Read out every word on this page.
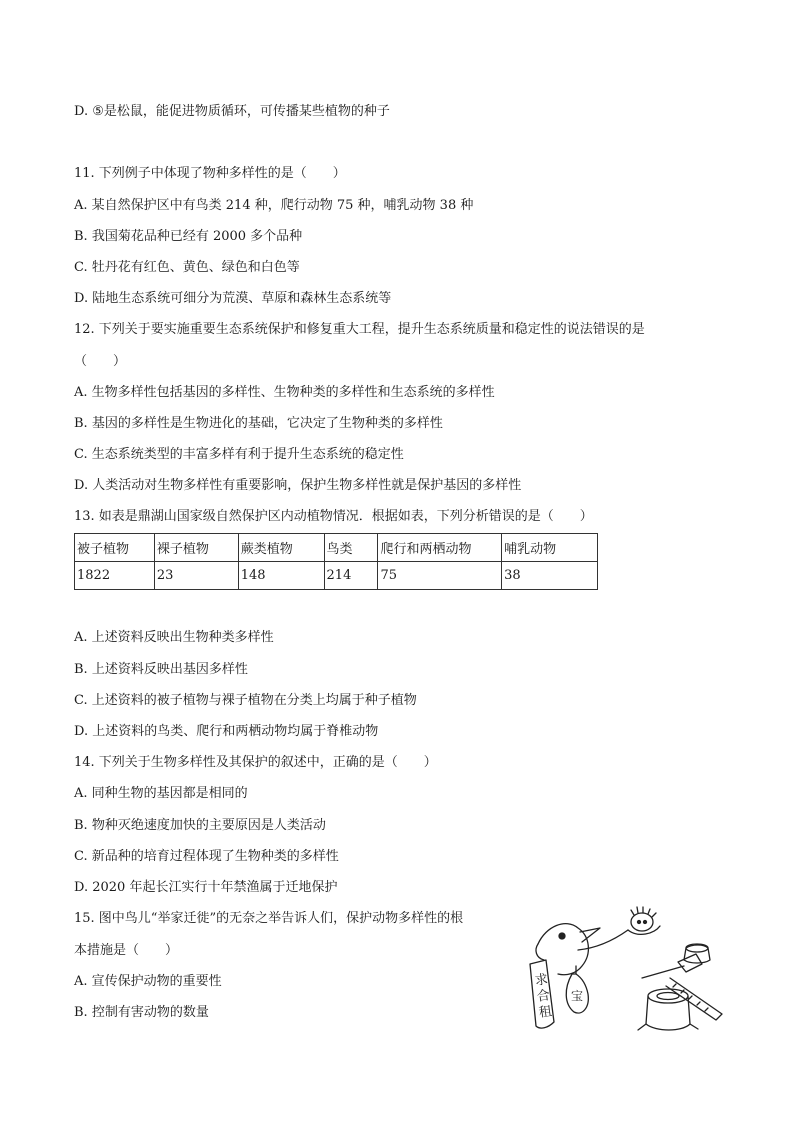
D. ⑤是松鼠，能促进物质循环，可传播某些植物的种子
11. 下列例子中体现了物种多样性的是（　　）
A. 某自然保护区中有鸟类 214 种，爬行动物 75 种，哺乳动物 38 种
B. 我国菊花品种已经有 2000 多个品种
C. 牡丹花有红色、黄色、绿色和白色等
D. 陆地生态系统可细分为荒漠、草原和森林生态系统等
12. 下列关于要实施重要生态系统保护和修复重大工程，提升生态系统质量和稳定性的说法错误的是
（　　）
A. 生物多样性包括基因的多样性、生物种类的多样性和生态系统的多样性
B. 基因的多样性是生物进化的基础，它决定了生物种类的多样性
C. 生态系统类型的丰富多样有利于提升生态系统的稳定性
D. 人类活动对生物多样性有重要影响，保护生物多样性就是保护基因的多样性
13. 如表是鼎湖山国家级自然保护区内动植物情况．根据如表，下列分析错误的是（　　）
被子植物	裸子植物	蕨类植物	鸟类	爬行和两栖动物	哺乳动物
1822	23	148	214	75	38
A. 上述资料反映出生物种类多样性
B. 上述资料反映出基因多样性
C. 上述资料的被子植物与裸子植物在分类上均属于种子植物
D. 上述资料的鸟类、爬行和两栖动物均属于脊椎动物
14. 下列关于生物多样性及其保护的叙述中，正确的是（　　）
A. 同种生物的基因都是相同的
B. 物种灭绝速度加快的主要原因是人类活动
C. 新品种的培育过程体现了生物种类的多样性
D. 2020 年起长江实行十年禁渔属于迁地保护
15. 图中鸟儿“举家迁徙”的无奈之举告诉人们，保护动物多样性的根
本措施是（　　）
A. 宣传保护动物的重要性
B. 控制有害动物的数量
求
合
租
宝
